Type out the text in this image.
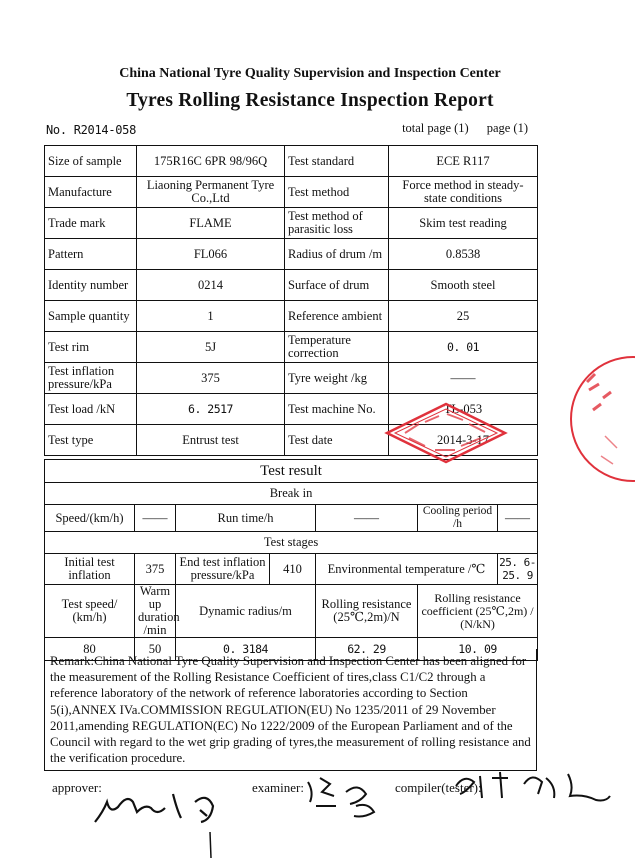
China National Tyre Quality Supervision and Inspection Center
Tyres Rolling Resistance Inspection Report
No. R2014-058	total page (1) page (1)
Size of sample	175R16C 6PR 98/96Q	Test standard	ECE R117
Manufacture	Liaoning Permanent Tyre Co.,Ltd	Test method	Force method in steady-state conditions
Trade mark	FLAME	Test method of parasitic loss	Skim test reading
Pattern	FL066	Radius of drum /m	0.8538
Identity number	0214	Surface of drum	Smooth steel
Sample quantity	1	Reference ambient	25
Test rim	5J	Temperature correction	0. 01
Test inflation pressure/kPa	375	Tyre weight /kg	——
Test load /kN	6. 2517	Test machine No.	TL-053
Test type	Entrust test	Test date	2014-3-17
Test result						
Break in						
Speed/(km/h)	——	Run time/h		——	Cooling period /h	——
Test stages						
Initial test inflation	375	End test inflation pressure/kPa	410	Environmental temperature /℃		25. 6-25. 9
Test speed/ (km/h)	Warm up duration /min	Dynamic radius/m		Rolling resistance (25℃,2m)/N	Rolling resistance coefficient (25℃,2m) / (N/kN)	
80	50	0. 3184		62. 29	10. 09	
Remark:China National Tyre Quality Supervision and Inspection Center has been aligned for the measurement of the Rolling Resistance Coefficient of tires,class C1/C2 through a reference laboratory of the network of reference laboratories according to Section 5(i),ANNEX IVa.COMMISSION REGULATION(EU) No 1235/2011 of 29 November 2011,amending REGULATION(EC) No 1222/2009 of the European Parliament and of the Council with regard to the wet grip grading of tyres,the measurement of rolling resistance and the verification procedure.
approver:	examiner:	compiler(tester):
